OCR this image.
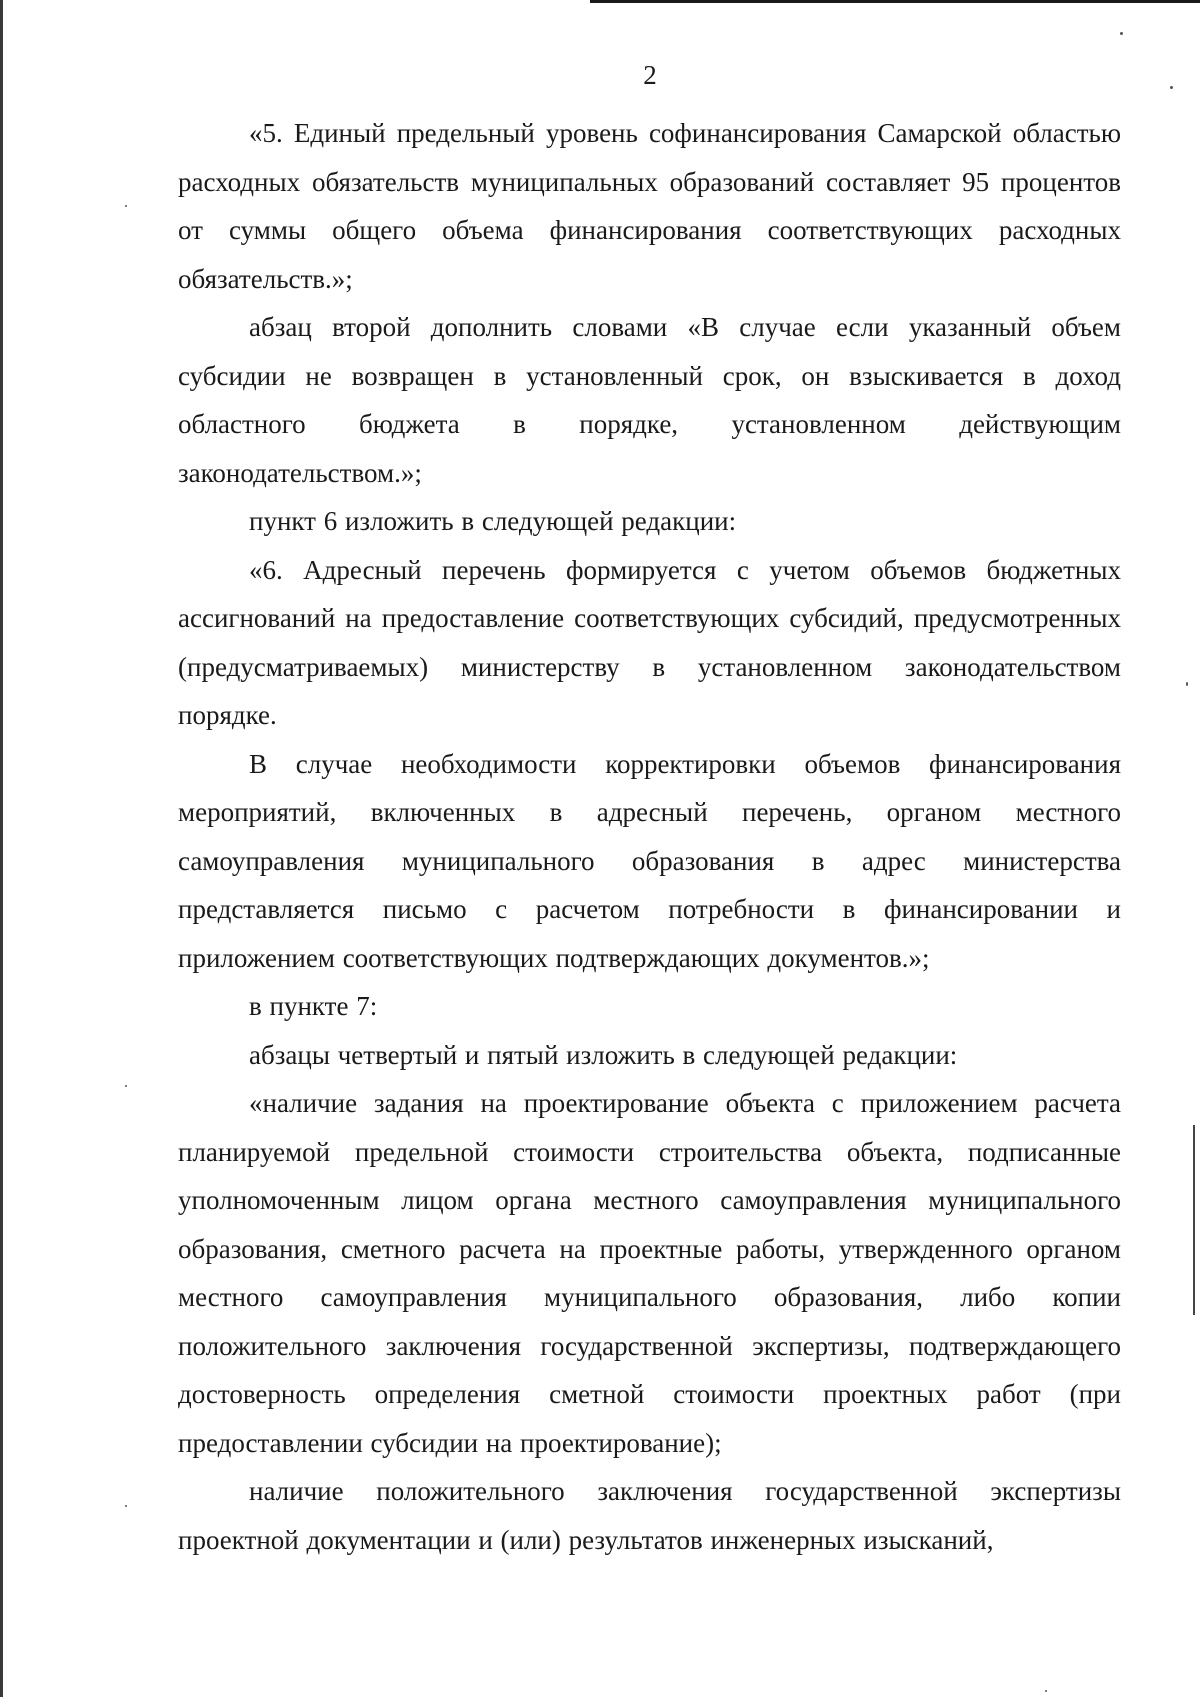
2

«5. Единый предельный уровень софинансирования Самарской областью расходных обязательств муниципальных образований составляет 95 процентов от суммы общего объема финансирования соответствующих расходных обязательств.»;

абзац второй дополнить словами «В случае если указанный объем субсидии не возвращен в установленный срок, он взыскивается в доход областного бюджета в порядке, установленном действующим законодательством.»;

пункт 6 изложить в следующей редакции:

«6. Адресный перечень формируется с учетом объемов бюджетных ассигнований на предоставление соответствующих субсидий, предусмотренных (предусматриваемых) министерству в установленном законодательством порядке.

В случае необходимости корректировки объемов финансирования мероприятий, включенных в адресный перечень, органом местного самоуправления муниципального образования в адрес министерства представляется письмо с расчетом потребности в финансировании и приложением соответствующих подтверждающих документов.»;

в пункте 7:

абзацы четвертый и пятый изложить в следующей редакции:

«наличие задания на проектирование объекта с приложением расчета планируемой предельной стоимости строительства объекта, подписанные уполномоченным лицом органа местного самоуправления муниципального образования, сметного расчета на проектные работы, утвержденного органом местного самоуправления муниципального образования, либо копии положительного заключения государственной экспертизы, подтверждающего достоверность определения сметной стоимости проектных работ (при предоставлении субсидии на проектирование);

наличие положительного заключения государственной экспертизы проектной документации и (или) результатов инженерных изысканий,
